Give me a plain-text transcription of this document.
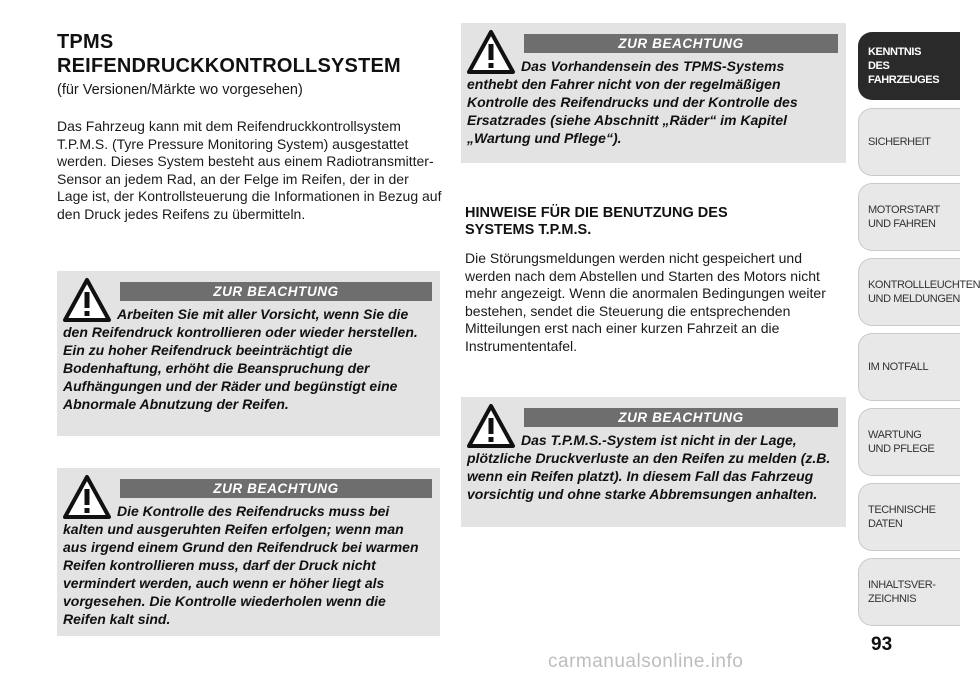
TPMS
REIFENDRUCKKONTROLLSYSTEM
(für Versionen/Märkte wo vorgesehen)
Das Fahrzeug kann mit dem Reifendruckkontrollsystem T.P.M.S. (Tyre Pressure Monitoring System) ausgestattet werden. Dieses System besteht aus einem Radiotransmitter-Sensor an jedem Rad, an der Felge im Reifen, der in der Lage ist, der Kontrollsteuerung die Informationen in Bezug auf den Druck jedes Reifens zu übermitteln.
ZUR BEACHTUNG
Arbeiten Sie mit aller Vorsicht, wenn Sie die den Reifendruck kontrollieren oder wieder herstellen. Ein zu hoher Reifendruck beeinträchtigt die Bodenhaftung, erhöht die Beanspruchung der Aufhängungen und der Räder und begünstigt eine Abnormale Abnutzung der Reifen.
ZUR BEACHTUNG
Die Kontrolle des Reifendrucks muss bei kalten und ausgeruhten Reifen erfolgen; wenn man aus irgend einem Grund den Reifendruck bei warmen Reifen kontrollieren muss, darf der Druck nicht vermindert werden, auch wenn er höher liegt als vorgesehen. Die Kontrolle wiederholen wenn die Reifen kalt sind.
ZUR BEACHTUNG
Das Vorhandensein des TPMS-Systems enthebt den Fahrer nicht von der regelmäßigen Kontrolle des Reifendrucks und der Kontrolle des Ersatzrades (siehe Abschnitt „Räder“ im Kapitel „Wartung und Pflege“).
HINWEISE FÜR DIE BENUTZUNG DES
SYSTEMS T.P.M.S.
Die Störungsmeldungen werden nicht gespeichert und werden nach dem Abstellen und Starten des Motors nicht mehr angezeigt. Wenn die anormalen Bedingungen weiter bestehen, sendet die Steuerung die entsprechenden Mitteilungen erst nach einer kurzen Fahrzeit an die Instrumententafel.
ZUR BEACHTUNG
Das T.P.M.S.-System ist nicht in der Lage, plötzliche Druckverluste an den Reifen zu melden (z.B. wenn ein Reifen platzt). In diesem Fall das Fahrzeug vorsichtig und ohne starke Abbremsungen anhalten.
KENNTNIS
DES FAHRZEUGES
SICHERHEIT
MOTORSTART
UND FAHREN
KONTROLLLEUCHTEN
UND MELDUNGEN
IM NOTFALL
WARTUNG
UND PFLEGE
TECHNISCHE
DATEN
INHALTSVER-
ZEICHNIS
93
carmanualsonline.info
